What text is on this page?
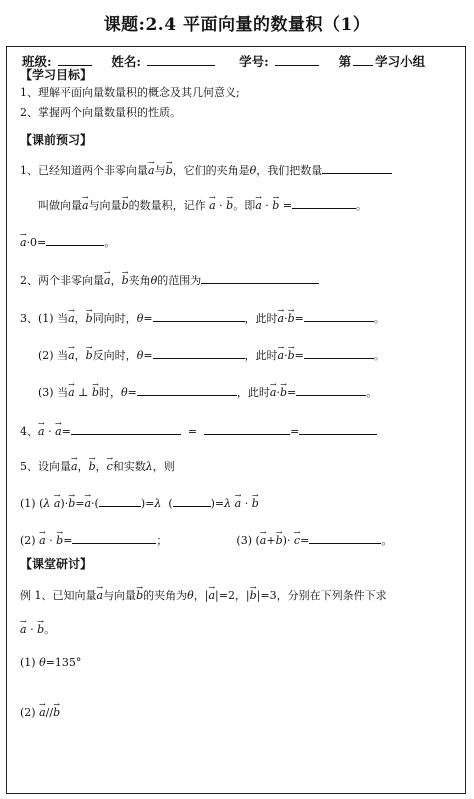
课题:2.4 平面向量的数量积（1）
班级:	姓名:	学号:	第 学习小组
【学习目标】
1、理解平面向量数量积的概念及其几何意义;
2、掌握两个向量数量积的性质。
【课前预习】
1、已经知道两个非零向量→ a与→ b，它们的夹角是θ，我们把数量
叫做向量→ a与向量→ b的数量积，记作 → a · → b。即→ a · → b =	。
→ a·0=	。
2、两个非零向量→ a，→ b夹角θ的范围为
3、(1) 当→ a，→ b同向时，θ=	，此时→ a·→ b=	。
(2) 当→ a，→ b反向时，θ=	，此时→ a·→ b=	。
(3) 当→ a ⊥ → b时，θ=	，此时→ a·→ b=	。
4、→ a · → a=	=	=
5、设向量→ a，→ b，→ c和实数λ，则
(1) (λ → a)·→ b=→ a·(	)=λ (	)=λ → a · → b
(2) → a · → b=	；	(3) (→ a+→ b)· → c=	。
【课堂研讨】
例 1、已知向量→ a与向量→ b的夹角为θ，|→ a|=2，|→ b|=3，分别在下列条件下求
→ a · → b。
(1) θ=135°
(2) → a//→ b
